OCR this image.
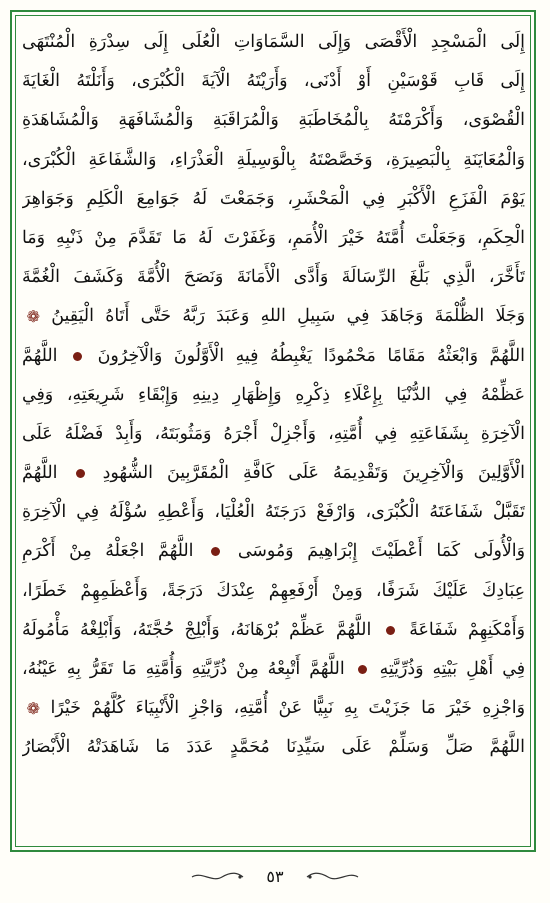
إِلَى الْمَسْجِدِ الْأَقْصَى وَإِلَى السَّمَاوَاتِ الْعُلَى إِلَى سِدْرَةِ الْمُنْتَهَى
إِلَى قَابِ قَوْسَيْنِ أَوْ أَدْنَى، وَأَرَيْتَهُ الْآيَةَ الْكُبْرَى، وَأَنَلْتَهُ الْغَايَةَ
الْقُصْوَى، وَأَكْرَمْتَهُ بِالْمُخَاطَبَةِ وَالْمُرَاقَبَةِ وَالْمُشَافَهَةِ وَالْمُشَاهَدَةِ
وَالْمُعَايَنَةِ بِالْبَصِيرَةِ، وَخَصَّصْتَهُ بِالْوَسِيلَةِ الْعَذْرَاءِ، وَالشَّفَاعَةِ الْكُبْرَى،
يَوْمَ الْفَزَعِ الْأَكْبَرِ فِي الْمَحْشَرِ، وَجَمَعْتَ لَهُ جَوَامِعَ الْكَلِمِ وَجَوَاهِرَ
الْحِكَمِ، وَجَعَلْتَ أُمَّتَهُ خَيْرَ الْأُمَمِ، وَغَفَرْتَ لَهُ مَا تَقَدَّمَ مِنْ ذَنْبِهِ وَمَا
تَأَخَّرَ، الَّذِي بَلَّغَ الرِّسَالَةَ وَأَدَّى الْأَمَانَةَ وَنَصَحَ الْأُمَّةَ وَكَشَفَ الْغُمَّةَ
وَجَلَا الظُّلْمَةَ وَجَاهَدَ فِي سَبِيلِ اللهِ وَعَبَدَ رَبَّهُ حَتَّى أَتَاهُ الْيَقِينُ ❁
اللَّهُمَّ وَابْعَثْهُ مَقَامًا مَحْمُودًا يَغْبِطُهُ فِيهِ الْأَوَّلُونَ وَالْآخِرُونَ  اللَّهُمَّ
عَظِّمْهُ فِي الدُّنْيَا بِإِعْلَاءِ ذِكْرِهِ وَإِظْهَارِ دِينِهِ وَإِبْقَاءِ شَرِيعَتِهِ، وَفِي
الْآخِرَةِ بِشَفَاعَتِهِ فِي أُمَّتِهِ، وَأَجْزِلْ أَجْرَهُ وَمَثُوبَتَهُ، وَأَبِدْ فَضْلَهُ عَلَى
الْأَوَّلِينَ وَالْآخِرِينَ وَتَقْدِيمَهُ عَلَى كَافَّةِ الْمُقَرَّبِينَ الشُّهُودِ  اللَّهُمَّ
تَقَبَّلْ شَفَاعَتَهُ الْكُبْرَى، وَارْفَعْ دَرَجَتَهُ الْعُلْيَا، وَأَعْطِهِ سُؤْلَهُ فِي الْآخِرَةِ
وَالْأُولَى كَمَا أَعْطَيْتَ إِبْرَاهِيمَ وَمُوسَى  اللَّهُمَّ اجْعَلْهُ مِنْ أَكْرَمِ
عِبَادِكَ عَلَيْكَ شَرَفًا، وَمِنْ أَرْفَعِهِمْ عِنْدَكَ دَرَجَةً، وَأَعْظَمِهِمْ خَطَرًا،
وَأَمْكَنِهِمْ شَفَاعَةً  اللَّهُمَّ عَظِّمْ بُرْهَانَهُ، وَأَبْلِجْ حُجَّتَهُ، وَأَبْلِغْهُ مَأْمُولَهُ
فِي أَهْلِ بَيْتِهِ وَذُرِّيَّتِهِ  اللَّهُمَّ أَتْبِعْهُ مِنْ ذُرِّيَّتِهِ وَأُمَّتِهِ مَا تَقَرُّ بِهِ عَيْنُهُ،
وَاجْزِهِ خَيْرَ مَا جَزَيْتَ بِهِ نَبِيًّا عَنْ أُمَّتِهِ، وَاجْزِ الْأَنْبِيَاءَ كُلَّهُمْ خَيْرًا ❁
اللَّهُمَّ صَلِّ وَسَلِّمْ عَلَى سَيِّدِنَا مُحَمَّدٍ عَدَدَ مَا شَاهَدَتْهُ الْأَبْصَارُ
٥٣
